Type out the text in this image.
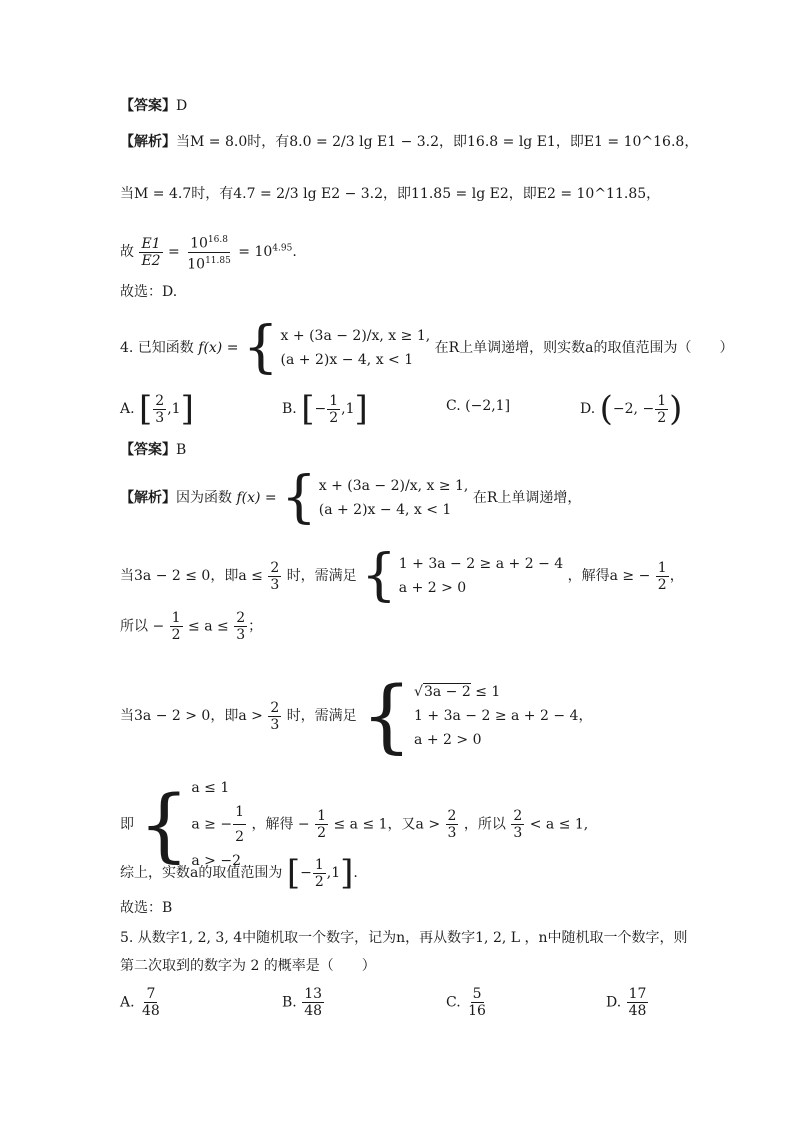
【答案】D
【解析】当M = 8.0时，有8.0 = 2/3 lg E1 − 3.2，即16.8 = lg E1，即E1 = 10^16.8，
当M = 4.7时，有4.7 = 2/3 lg E2 − 3.2，即11.85 = lg E2，即E2 = 10^11.85，
故 $\frac{E1}{E2} = \frac{10^{16.8}}{10^{11.85}} = 10^{4.95}$.
故选：D.
4. 已知函数 f(x) = { x + (3a − 2)/x, x ≥ 1,
(a + 2)x − 4, x < 1
在R上单调递增，则实数a的取值范围为（　　）
A. [ $\frac{2}{3} ,1$]	B. [− $\frac{1}{2} ,1$]	C. (−2,1]	D. (−2, − $\frac{1}{2}$ )
【答案】B
【解析】因为函数 f(x) = { x + (3a − 2)/x, x ≥ 1,
(a + 2)x − 4, x < 1
在R上单调递增，
当3a − 2 ≤ 0，即$a \le \frac{2}{3}$ 时，需满足 { 1 + 3a − 2 ≥ a + 2 − 4
a + 2 > 0
，解得a ≥ − $\frac{1}{2}$ ，
所以 − $\frac{1}{2} \le a \le \frac{2}{3}$ ；
当3a − 2 > 0，即$a > \frac{2}{3}$ 时，需满足 { √3a − 2 ≤ 1
1 + 3a − 2 ≥ a + 2 − 4，
a + 2 > 0
即 { a ≤ 1
a ≥ − $\frac{1}{2}$
a > −2
，解得 − $\frac{1}{2} \le a \le 1$，又$a > \frac{2}{3}$ ，所以 $\frac{2}{3} < a \le 1$,
综上，实数a的取值范围为 [− $\frac{1}{2} ,1$].
故选：B
5. 从数字1, 2, 3, 4中随机取一个数字，记为n，再从数字1, 2, L ，n中随机取一个数字，则
第二次取到的数字为 2 的概率是（　　）
A. $\frac{7}{48}$	B. $\frac{13}{48}$	C. $\frac{5}{16}$	D. $\frac{17}{48}$
